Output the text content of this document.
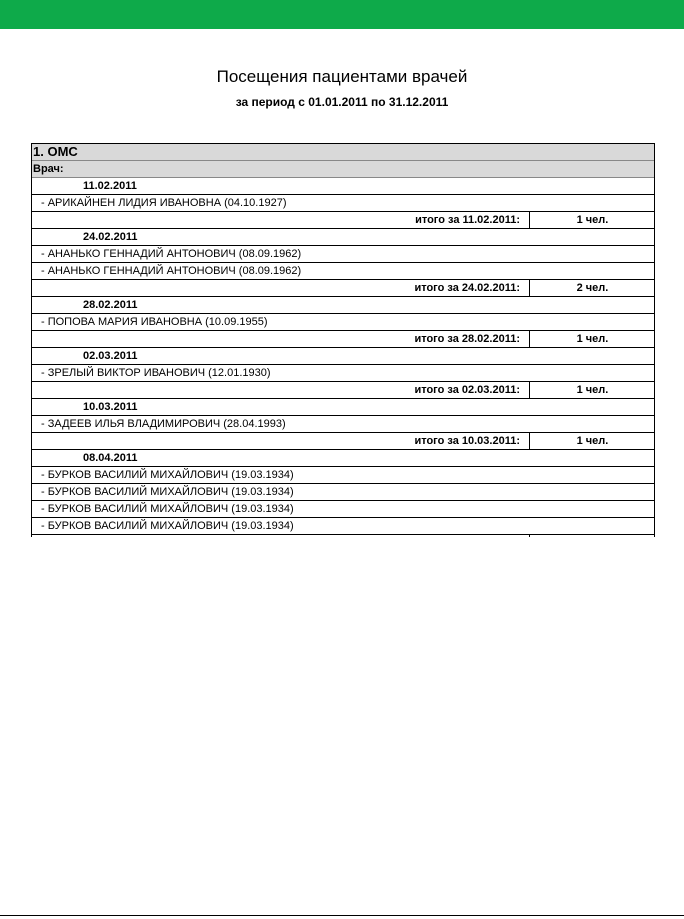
Посещения пациентами врачей
за период с 01.01.2011 по 31.12.2011
1. ОМС
Врач:
11.02.2011
- АРИКАЙНЕН ЛИДИЯ ИВАНОВНА (04.10.1927)
итого за 11.02.2011:	1 чел.
24.02.2011
- АНАНЬКО ГЕННАДИЙ АНТОНОВИЧ (08.09.1962)
- АНАНЬКО ГЕННАДИЙ АНТОНОВИЧ (08.09.1962)
итого за 24.02.2011:	2 чел.
28.02.2011
- ПОПОВА МАРИЯ ИВАНОВНА (10.09.1955)
итого за 28.02.2011:	1 чел.
02.03.2011
- ЗРЕЛЫЙ ВИКТОР ИВАНОВИЧ (12.01.1930)
итого за 02.03.2011:	1 чел.
10.03.2011
- ЗАДЕЕВ ИЛЬЯ ВЛАДИМИРОВИЧ (28.04.1993)
итого за 10.03.2011:	1 чел.
08.04.2011
- БУРКОВ ВАСИЛИЙ МИХАЙЛОВИЧ (19.03.1934)
- БУРКОВ ВАСИЛИЙ МИХАЙЛОВИЧ (19.03.1934)
- БУРКОВ ВАСИЛИЙ МИХАЙЛОВИЧ (19.03.1934)
- БУРКОВ ВАСИЛИЙ МИХАЙЛОВИЧ (19.03.1934)
